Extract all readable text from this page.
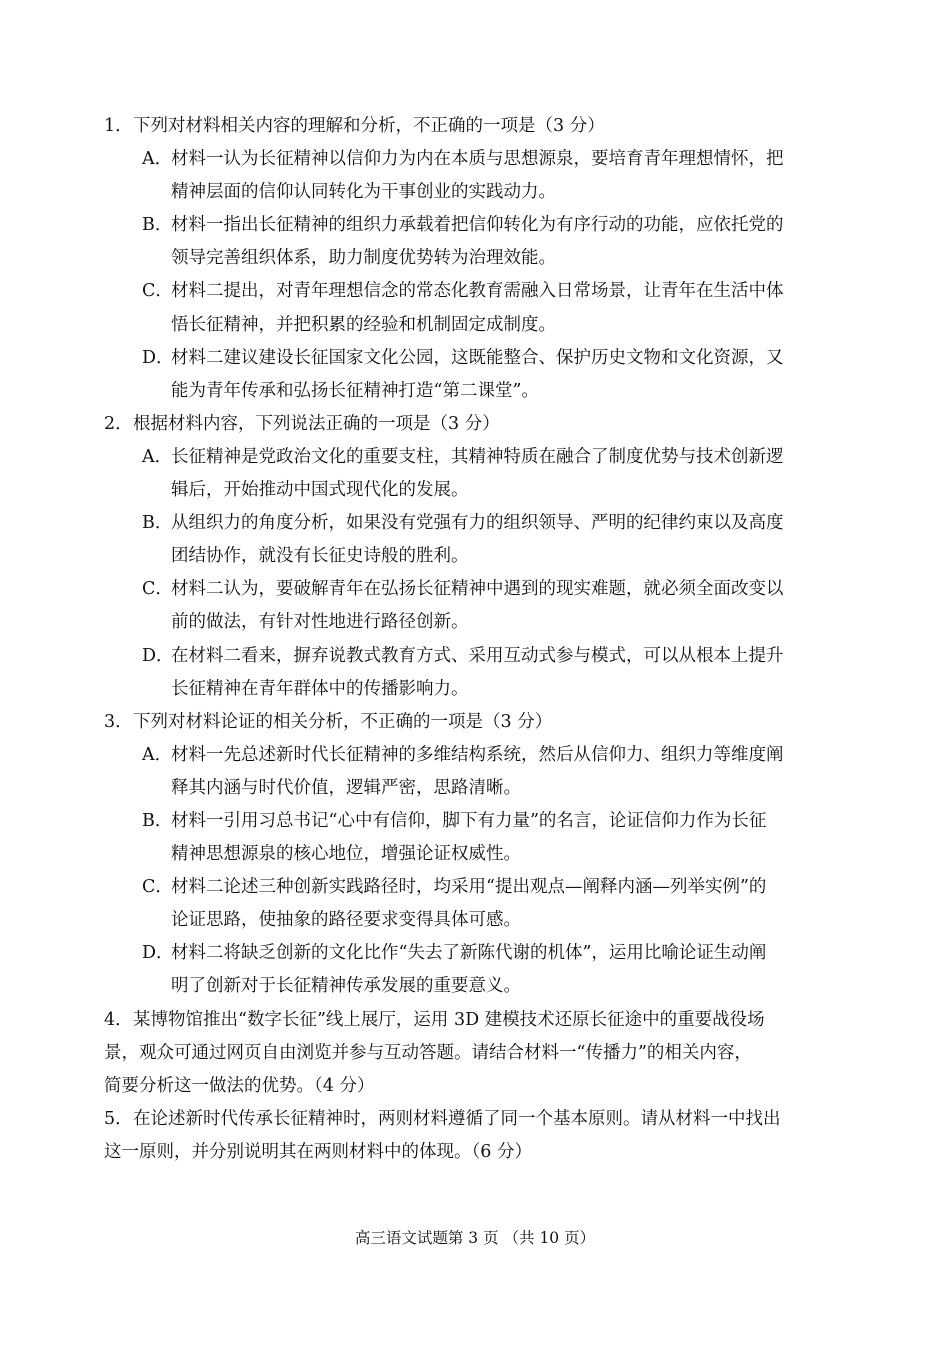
1．下列对材料相关内容的理解和分析，不正确的一项是（3 分）
A．材料一认为长征精神以信仰力为内在本质与思想源泉，要培育青年理想情怀，把
精神层面的信仰认同转化为干事创业的实践动力。
B．材料一指出长征精神的组织力承载着把信仰转化为有序行动的功能，应依托党的
领导完善组织体系，助力制度优势转为治理效能。
C．材料二提出，对青年理想信念的常态化教育需融入日常场景，让青年在生活中体
悟长征精神，并把积累的经验和机制固定成制度。
D．材料二建议建设长征国家文化公园，这既能整合、保护历史文物和文化资源，又
能为青年传承和弘扬长征精神打造“第二课堂”。
2．根据材料内容，下列说法正确的一项是（3 分）
A．长征精神是党政治文化的重要支柱，其精神特质在融合了制度优势与技术创新逻
辑后，开始推动中国式现代化的发展。
B．从组织力的角度分析，如果没有党强有力的组织领导、严明的纪律约束以及高度
团结协作，就没有长征史诗般的胜利。
C．材料二认为，要破解青年在弘扬长征精神中遇到的现实难题，就必须全面改变以
前的做法，有针对性地进行路径创新。
D．在材料二看来，摒弃说教式教育方式、采用互动式参与模式，可以从根本上提升
长征精神在青年群体中的传播影响力。
3．下列对材料论证的相关分析，不正确的一项是（3 分）
A．材料一先总述新时代长征精神的多维结构系统，然后从信仰力、组织力等维度阐
释其内涵与时代价值，逻辑严密，思路清晰。
B．材料一引用习总书记“心中有信仰，脚下有力量”的名言，论证信仰力作为长征
精神思想源泉的核心地位，增强论证权威性。
C．材料二论述三种创新实践路径时，均采用“提出观点—阐释内涵—列举实例”的
论证思路，使抽象的路径要求变得具体可感。
D．材料二将缺乏创新的文化比作“失去了新陈代谢的机体”，运用比喻论证生动阐
明了创新对于长征精神传承发展的重要意义。
4．某博物馆推出“数字长征”线上展厅，运用 3D 建模技术还原长征途中的重要战役场
景，观众可通过网页自由浏览并参与互动答题。请结合材料一“传播力”的相关内容，
简要分析这一做法的优势。（4 分）
5．在论述新时代传承长征精神时，两则材料遵循了同一个基本原则。请从材料一中找出
这一原则，并分别说明其在两则材料中的体现。（6 分）
高三语文试题第 3 页 （共 10 页）
